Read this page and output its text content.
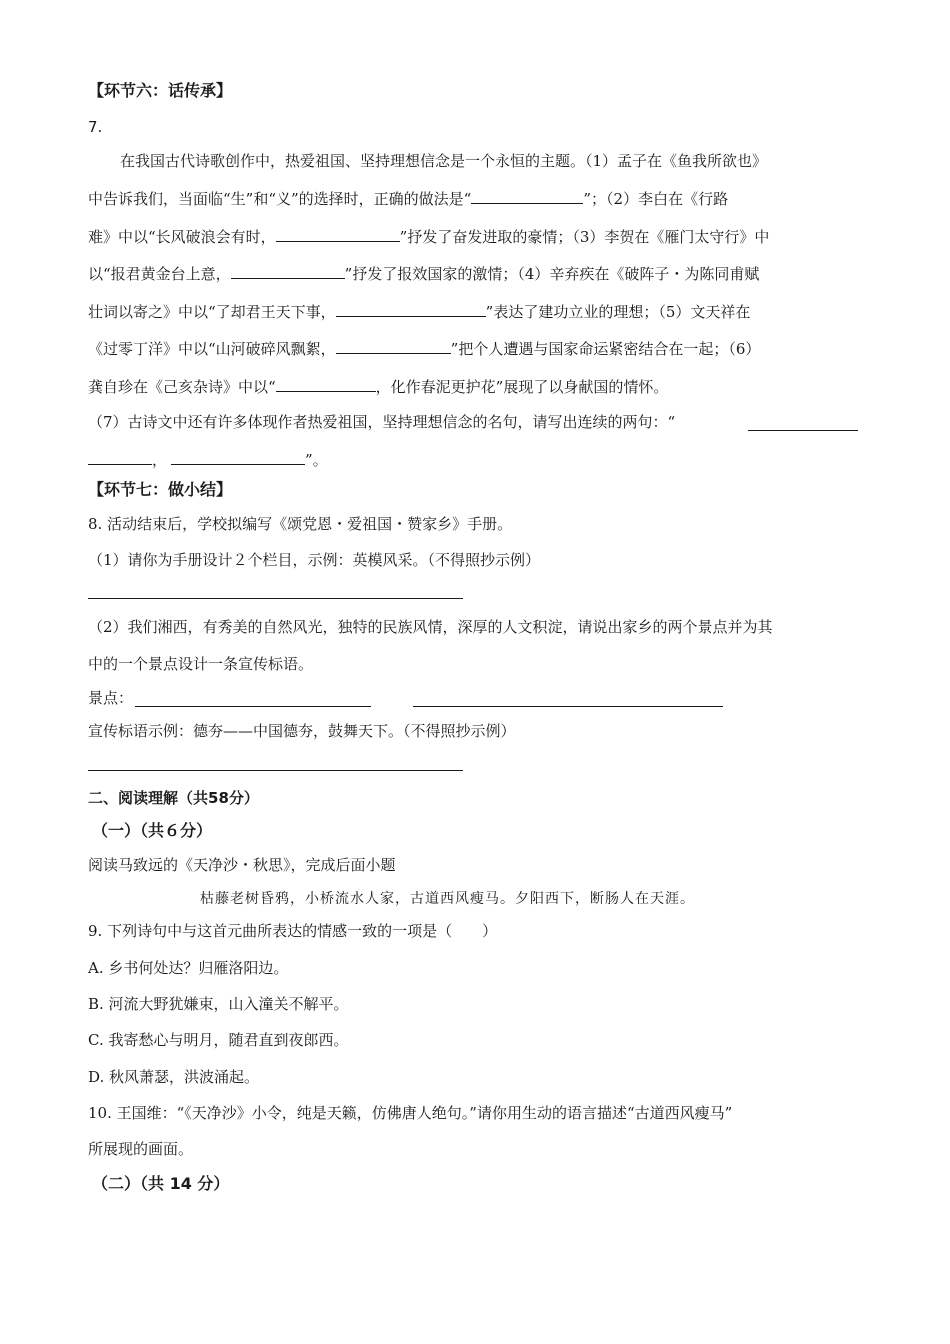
【环节六：话传承】
7.
在我国古代诗歌创作中，热爱祖国、坚持理想信念是一个永恒的主题。（1）孟子在《鱼我所欲也》
中告诉我们，当面临“生”和“义”的选择时，正确的做法是“	”；（2）李白在《行路
难》中以“长风破浪会有时，	”抒发了奋发进取的豪情；（3）李贺在《雁门太守行》中
以“报君黄金台上意，	”抒发了报效国家的激情；（4）辛弃疾在《破阵子・为陈同甫赋
壮词以寄之》中以“了却君王天下事，	”表达了建功立业的理想；（5）文天祥在
《过零丁洋》中以“山河破碎风飘絮，	”把个人遭遇与国家命运紧密结合在一起；（6）
龚自珍在《己亥杂诗》中以“	，化作春泥更护花”展现了以身献国的情怀。
（7）古诗文中还有许多体现作者热爱祖国，坚持理想信念的名句，请写出连续的两句：“
，	”。
【环节七：做小结】
8. 活动结束后，学校拟编写《颂党恩・爱祖国・赞家乡》手册。
（1）请你为手册设计２个栏目，示例：英模风采。（不得照抄示例）
（2）我们湘西，有秀美的自然风光，独特的民族风情，深厚的人文积淀，请说出家乡的两个景点并为其
中的一个景点设计一条宣传标语。
景点：
宣传标语示例：德夯——中国德夯，鼓舞天下。（不得照抄示例）
二、阅读理解（共58分）
（一）（共６分）
阅读马致远的《天净沙・秋思》，完成后面小题
枯藤老树昏鸦，小桥流水人家，古道西风瘦马。夕阳西下，断肠人在天涯。
9. 下列诗句中与这首元曲所表达的情感一致的一项是（　　）
A. 乡书何处达？归雁洛阳边。
B. 河流大野犹嫌束，山入潼关不解平。
C. 我寄愁心与明月，随君直到夜郎西。
D. 秋风萧瑟，洪波涌起。
10. 王国维：“《天净沙》小令，纯是天籁，仿佛唐人绝句。”请你用生动的语言描述“古道西风瘦马”
所展现的画面。
（二）（共 14 分）
